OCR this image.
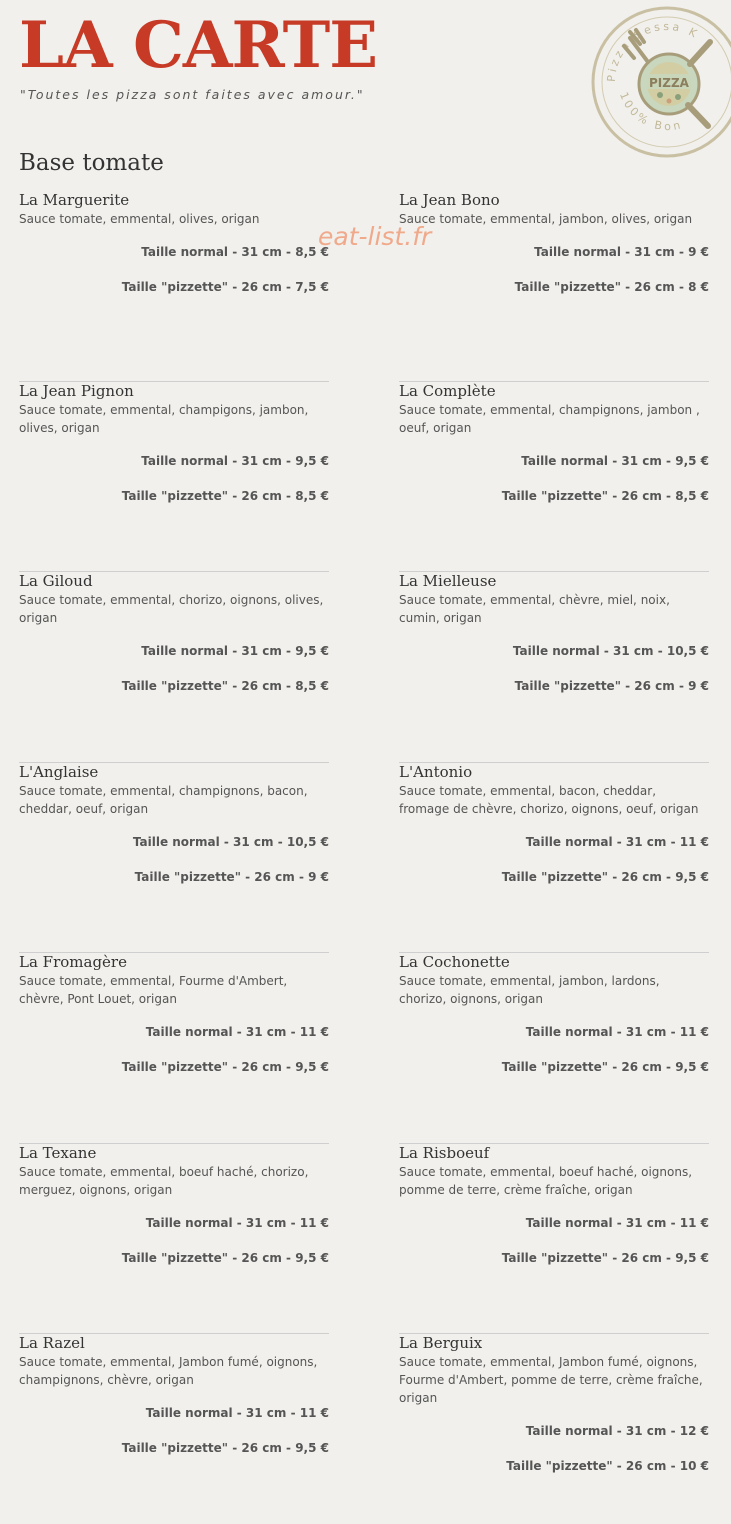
LA CARTE
"Toutes les pizza sont faites avec amour."
Pizza Sessa K
100% Bon
PIZZA
eat-list.fr
Base tomate

La Marguerite

Sauce tomate, emmental, olives, origan

Taille normal - 31 cm - 8,5 €

Taille "pizzette" - 26 cm - 7,5 €

La Jean Bono

Sauce tomate, emmental, jambon, olives, origan

Taille normal - 31 cm - 9 €

Taille "pizzette" - 26 cm - 8 €

La Jean Pignon

Sauce tomate, emmental, champigons, jambon, olives, origan

Taille normal - 31 cm - 9,5 €

Taille "pizzette" - 26 cm - 8,5 €

La Complète

Sauce tomate, emmental, champignons, jambon , oeuf, origan

Taille normal - 31 cm - 9,5 €

Taille "pizzette" - 26 cm - 8,5 €

La Giloud

Sauce tomate, emmental, chorizo, oignons, olives, origan

Taille normal - 31 cm - 9,5 €

Taille "pizzette" - 26 cm - 8,5 €

La Mielleuse

Sauce tomate, emmental, chèvre, miel, noix, cumin, origan

Taille normal - 31 cm - 10,5 €

Taille "pizzette" - 26 cm - 9 €

L'Anglaise

Sauce tomate, emmental, champignons, bacon, cheddar, oeuf, origan

Taille normal - 31 cm - 10,5 €

Taille "pizzette" - 26 cm - 9 €

L'Antonio

Sauce tomate, emmental, bacon, cheddar, fromage de chèvre, chorizo, oignons, oeuf, origan

Taille normal - 31 cm - 11 €

Taille "pizzette" - 26 cm - 9,5 €

La Fromagère

Sauce tomate, emmental, Fourme d'Ambert, chèvre, Pont Louet, origan

Taille normal - 31 cm - 11 €

Taille "pizzette" - 26 cm - 9,5 €

La Cochonette

Sauce tomate, emmental, jambon, lardons, chorizo, oignons, origan

Taille normal - 31 cm - 11 €

Taille "pizzette" - 26 cm - 9,5 €

La Texane

Sauce tomate, emmental, boeuf haché, chorizo, merguez, oignons, origan

Taille normal - 31 cm - 11 €

Taille "pizzette" - 26 cm - 9,5 €

La Risboeuf

Sauce tomate, emmental, boeuf haché, oignons, pomme de terre, crème fraîche, origan

Taille normal - 31 cm - 11 €

Taille "pizzette" - 26 cm - 9,5 €

La Razel

Sauce tomate, emmental, Jambon fumé, oignons, champignons, chèvre, origan

Taille normal - 31 cm - 11 €

Taille "pizzette" - 26 cm - 9,5 €

La Berguix

Sauce tomate, emmental, Jambon fumé, oignons, Fourme d'Ambert, pomme de terre, crème fraîche, origan

Taille normal - 31 cm - 12 €

Taille "pizzette" - 26 cm - 10 €
